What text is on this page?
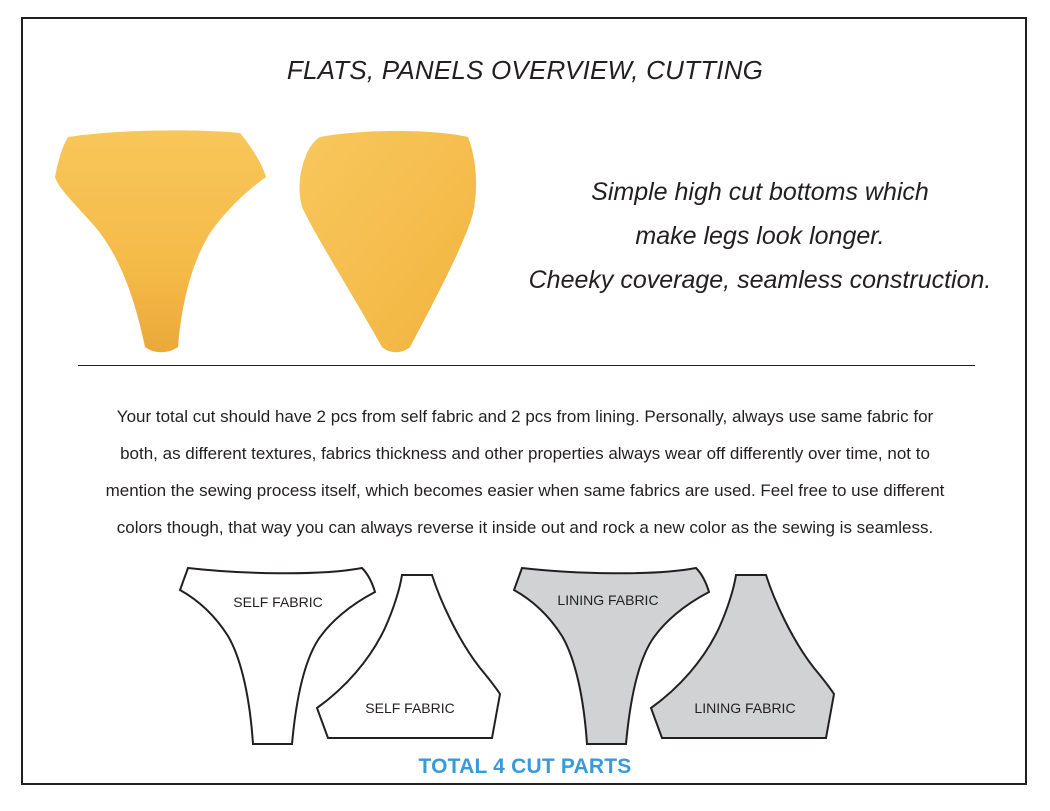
FLATS, PANELS OVERVIEW, CUTTING
Simple high cut bottoms which
make legs look longer.
Cheeky coverage, seamless construction.
Your total cut should have 2 pcs from self fabric and 2 pcs from lining. Personally, always use same fabric for
both, as different textures, fabrics thickness and other properties always wear off differently over time, not to
mention the sewing process itself, which becomes easier when same fabrics are used. Feel free to use different
colors though, that way you can always reverse it inside out and rock a new color as the sewing is seamless.
SELF FABRIC
SELF FABRIC
LINING FABRIC
LINING FABRIC
TOTAL 4 CUT PARTS
